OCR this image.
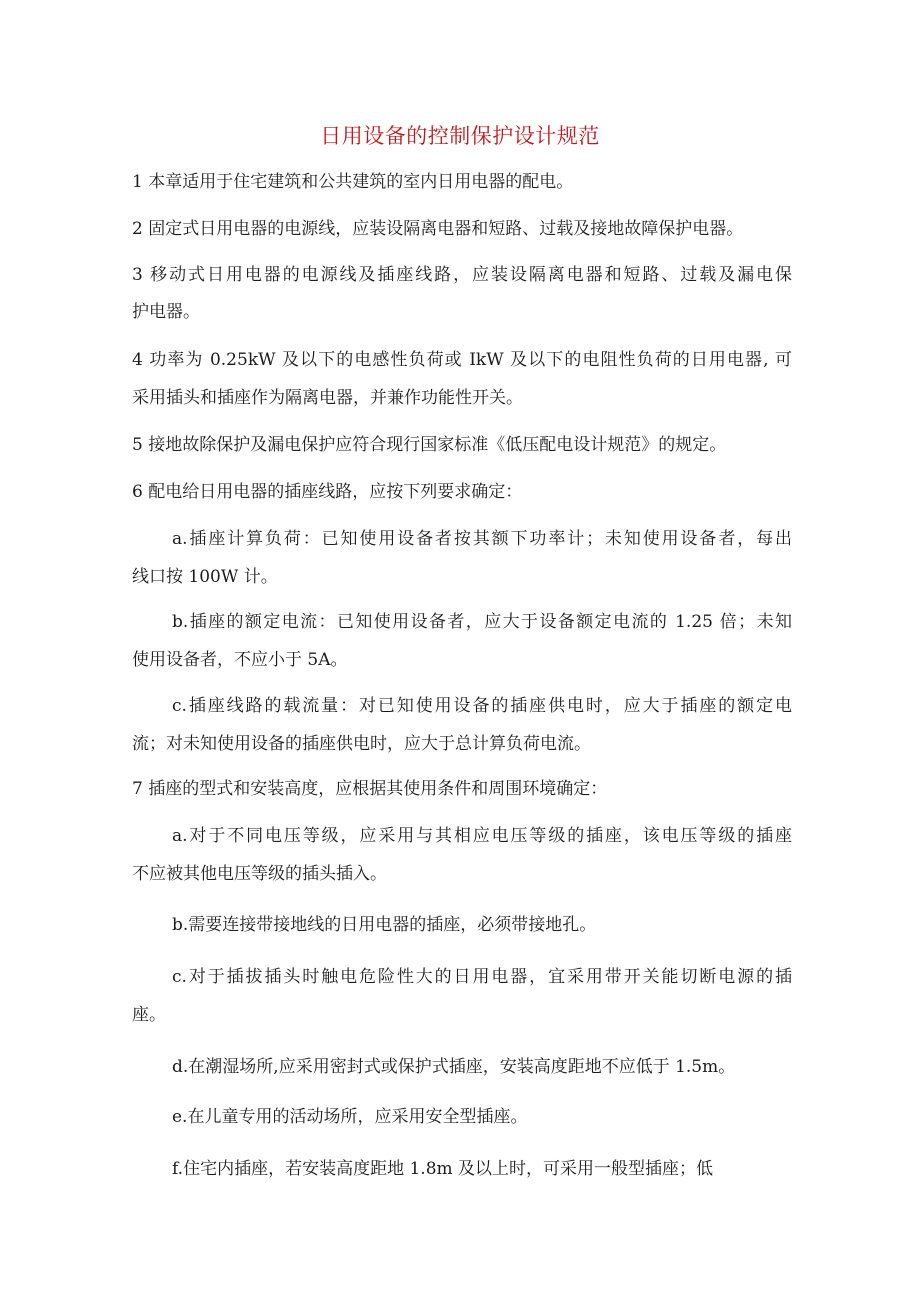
日用设备的控制保护设计规范
1 本章适用于住宅建筑和公共建筑的室内日用电器的配电。
2 固定式日用电器的电源线，应装设隔离电器和短路、过载及接地故障保护电器。
3 移动式日用电器的电源线及插座线路，应装设隔离电器和短路、过载及漏电保
护电器。
4 功率为 0.25kW 及以下的电感性负荷或 IkW 及以下的电阻性负荷的日用电器, 可
采用插头和插座作为隔离电器，并兼作功能性开关。
5 接地故除保护及漏电保护应符合现行国家标准《低压配电设计规范》的规定。
6 配电给日用电器的插座线路，应按下列要求确定：
a.插座计算负荷：已知使用设备者按其额下功率计；未知使用设备者，每出
线口按 100W 计。
b.插座的额定电流：已知使用设备者，应大于设备额定电流的 1.25 倍；未知
使用设备者，不应小于 5A。
c.插座线路的载流量：对已知使用设备的插座供电时，应大于插座的额定电
流；对未知使用设备的插座供电时，应大于总计算负荷电流。
7 插座的型式和安装高度，应根据其使用条件和周围环境确定：
a.对于不同电压等级，应采用与其相应电压等级的插座，该电压等级的插座
不应被其他电压等级的插头插入。
b.需要连接带接地线的日用电器的插座，必须带接地孔。
c.对于插拔插头时触电危险性大的日用电器，宜采用带开关能切断电源的插
座。
d.在潮湿场所,应采用密封式或保护式插座，安装高度距地不应低于 1.5m。
e.在儿童专用的活动场所，应采用安全型插座。
f.住宅内插座，若安装高度距地 1.8m 及以上时，可采用一般型插座；低
